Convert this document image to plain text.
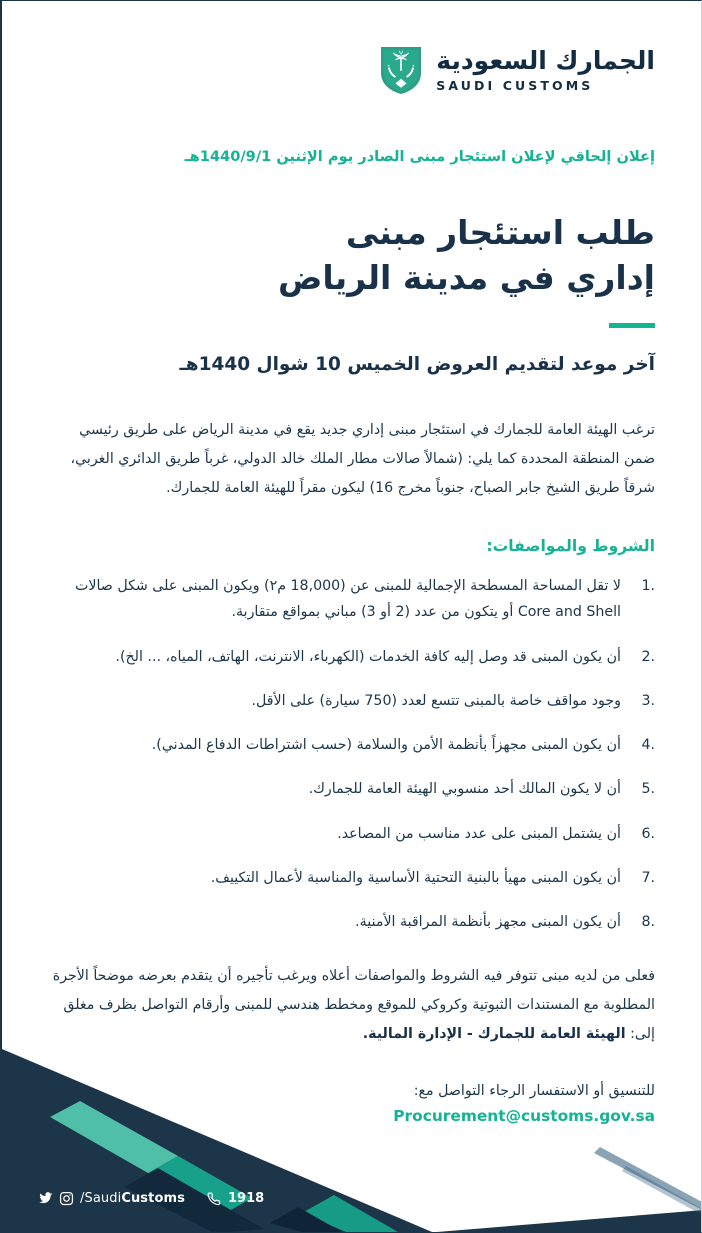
الجمارك السعودية
SAUDI CUSTOMS

إعلان إلحاقي لإعلان استئجار مبنى الصادر يوم الإثنين 1440/9/1هـ

طلب استئجار مبنى
إداري في مدينة الرياض

آخر موعد لتقديم العروض الخميس 10 شوال 1440هـ

ترغب الهيئة العامة للجمارك في استئجار مبنى إداري جديد يقع في مدينة الرياض على طريق رئيسي ضمن المنطقة المحددة كما يلي: (شمالاً صالات مطار الملك خالد الدولي، غرباً طريق الدائري الغربي، شرقاً طريق الشيخ جابر الصباح، جنوباً مخرج 16) ليكون مقراً للهيئة العامة للجمارك.

الشروط والمواصفات:
لا تقل المساحة المسطحة الإجمالية للمبنى عن (18,000 م٢) ويكون المبنى على شكل صالات Core and Shell أو يتكون من عدد (2 أو 3) مباني بمواقع متقاربة.
أن يكون المبنى قد وصل إليه كافة الخدمات (الكهرباء، الانترنت، الهاتف، المياه، ... الخ).
وجود مواقف خاصة بالمبنى تتسع لعدد (750 سيارة) على الأقل.
أن يكون المبنى مجهزاً بأنظمة الأمن والسلامة (حسب اشتراطات الدفاع المدني).
أن لا يكون المالك أحد منسوبي الهيئة العامة للجمارك.
أن يشتمل المبنى على عدد مناسب من المصاعد.
أن يكون المبنى مهيأ بالبنية التحتية الأساسية والمناسبة لأعمال التكييف.
أن يكون المبنى مجهز بأنظمة المراقبة الأمنية.

فعلى من لديه مبنى تتوفر فيه الشروط والمواصفات أعلاه ويرغب تأجيره أن يتقدم بعرضه موضحاً الأجرة المطلوبة مع المستندات الثبوتية وكروكي للموقع ومخطط هندسي للمبنى وأرقام التواصل بظرف مغلق إلى: الهيئة العامة للجمارك - الإدارة المالية.

للتنسيق أو الاستفسار الرجاء التواصل مع:

Procurement@customs.gov.sa
/SaudiCustoms	1918
